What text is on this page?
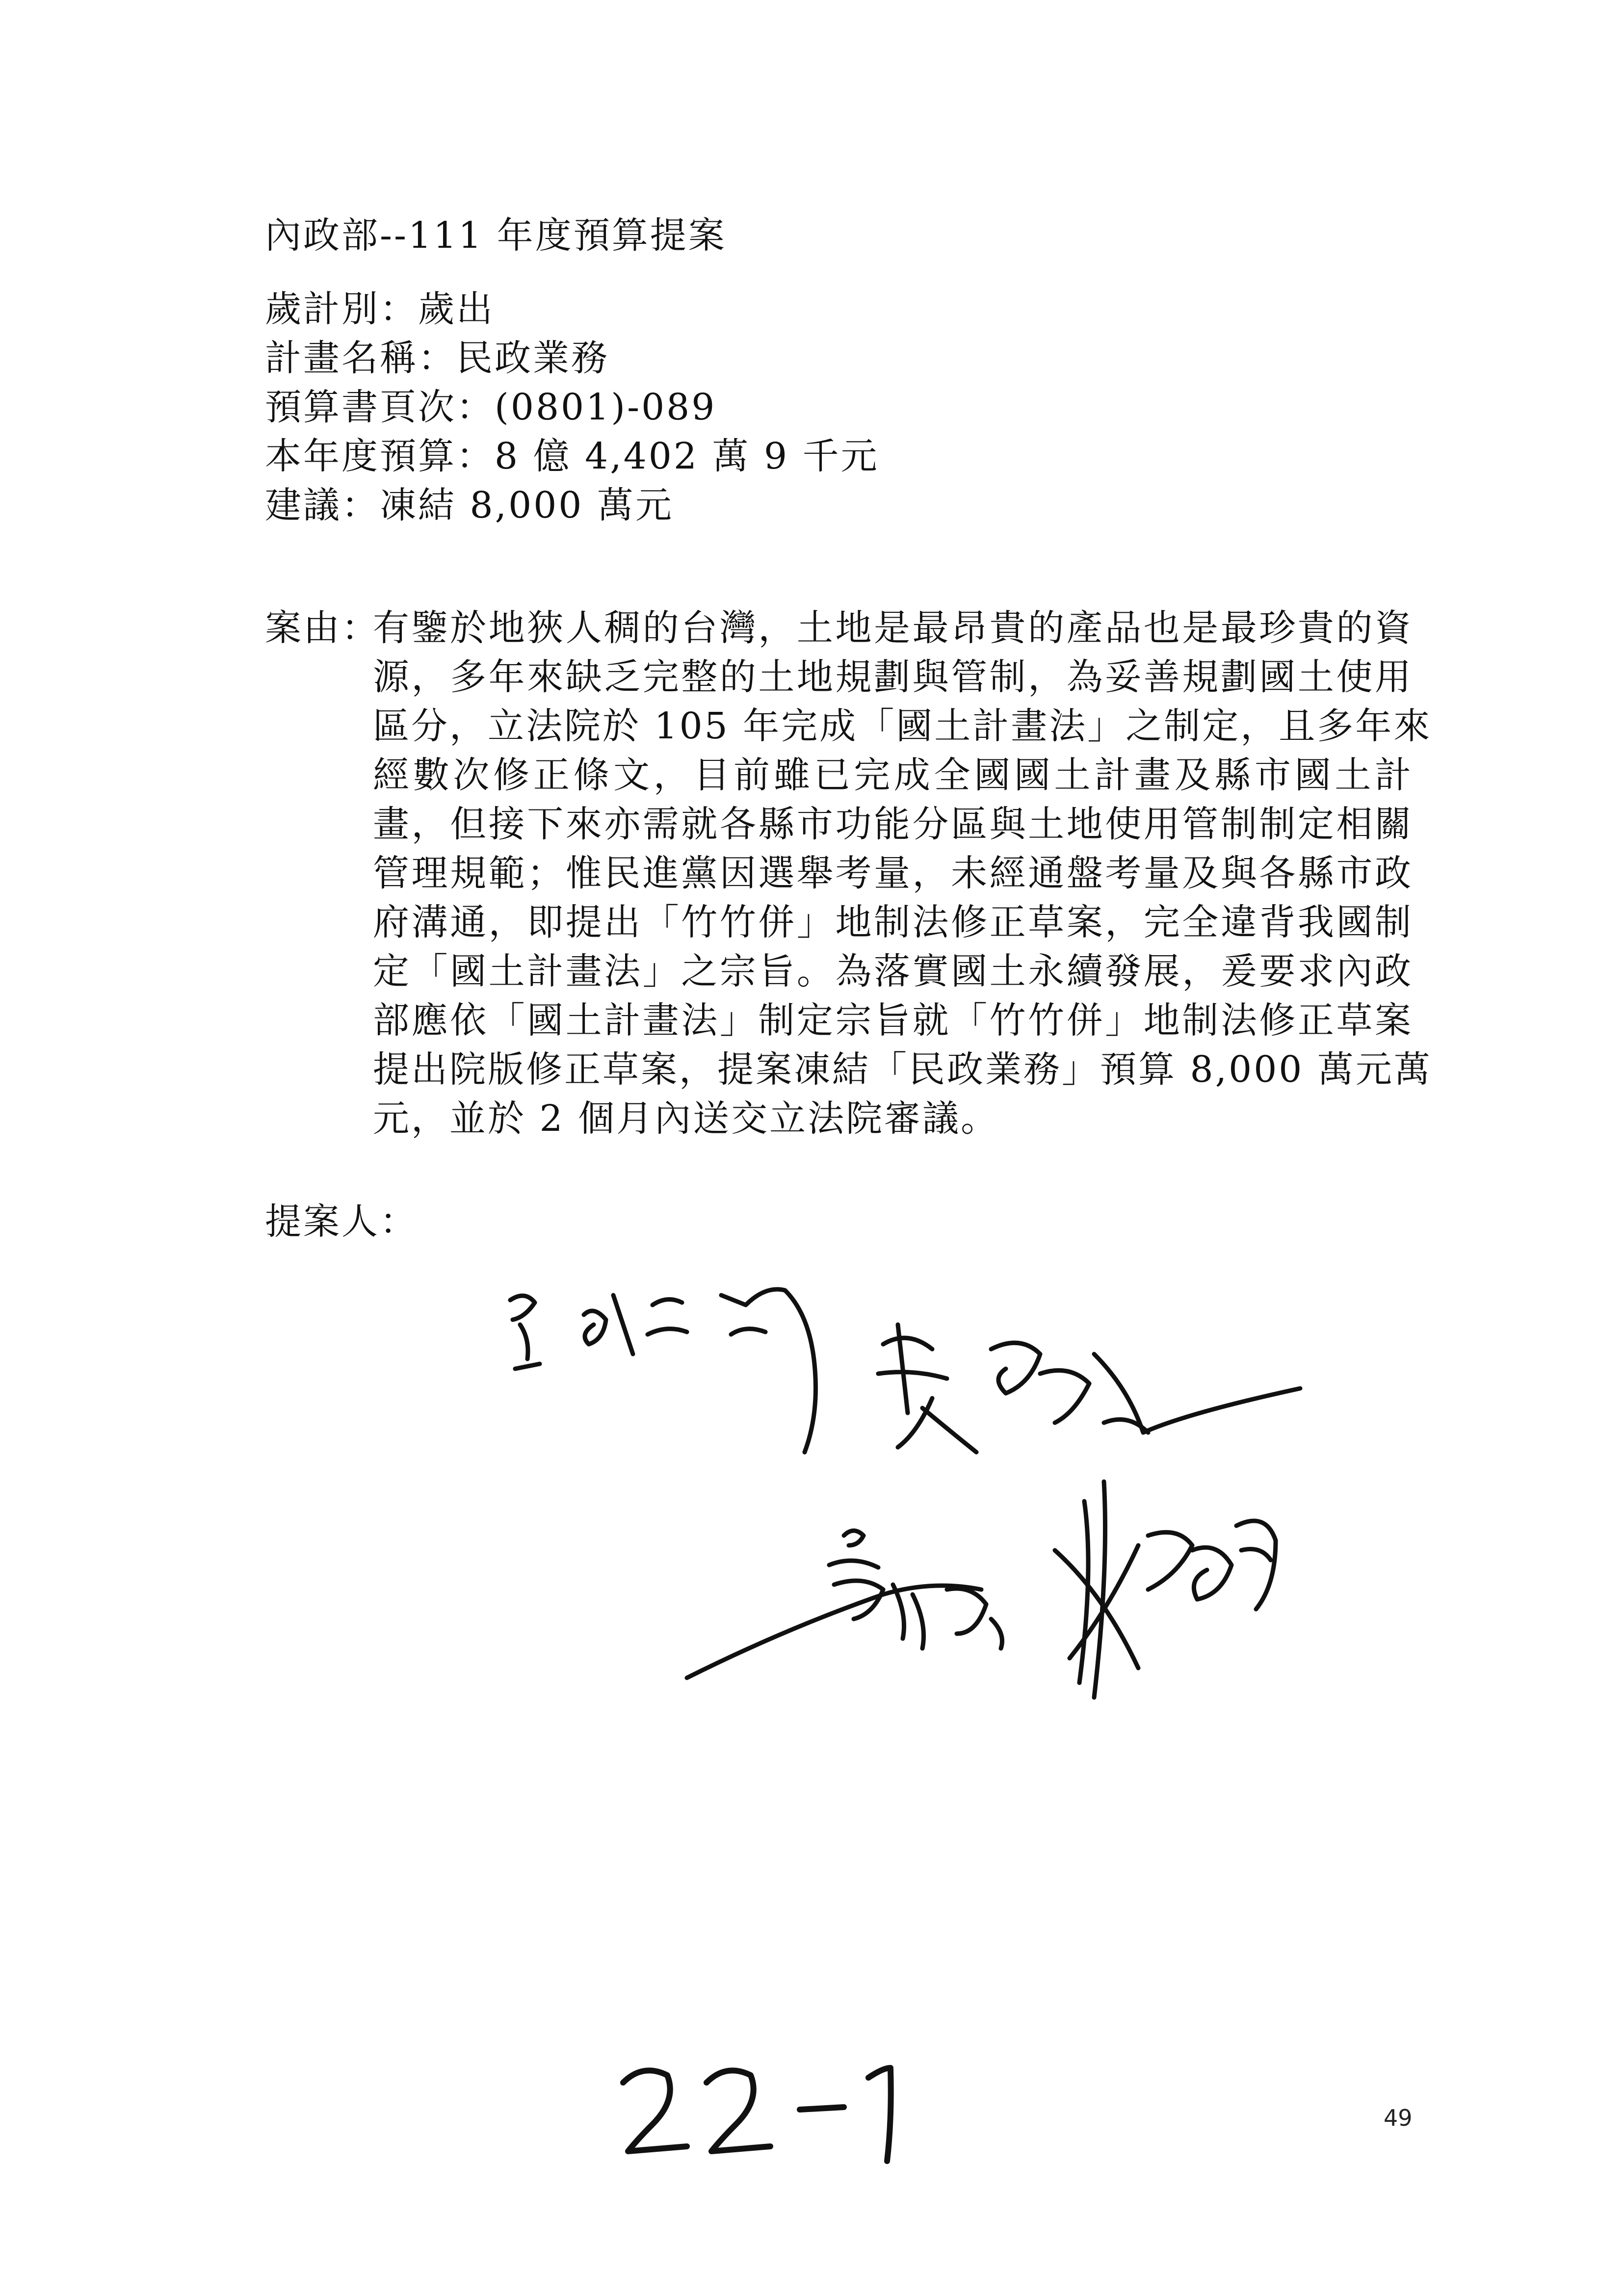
內政部--111 年度預算提案
歲計別：歲出
計畫名稱：民政業務
預算書頁次：(0801)-089
本年度預算：8 億 4,402 萬 9 千元
建議：凍結 8,000 萬元
案由：
有鑒於地狹人稠的台灣，土地是最昂貴的產品也是最珍貴的資
源，多年來缺乏完整的土地規劃與管制，為妥善規劃國土使用
區分，立法院於 105 年完成「國土計畫法」之制定，且多年來
經數次修正條文，目前雖已完成全國國土計畫及縣市國土計
畫，但接下來亦需就各縣市功能分區與土地使用管制制定相關
管理規範；惟民進黨因選舉考量，未經通盤考量及與各縣市政
府溝通，即提出「竹竹併」地制法修正草案，完全違背我國制
定「國土計畫法」之宗旨。為落實國土永續發展，爰要求內政
部應依「國土計畫法」制定宗旨就「竹竹併」地制法修正草案
提出院版修正草案，提案凍結「民政業務」預算 8,000 萬元萬
元，並於 2 個月內送交立法院審議。
提案人：
49
